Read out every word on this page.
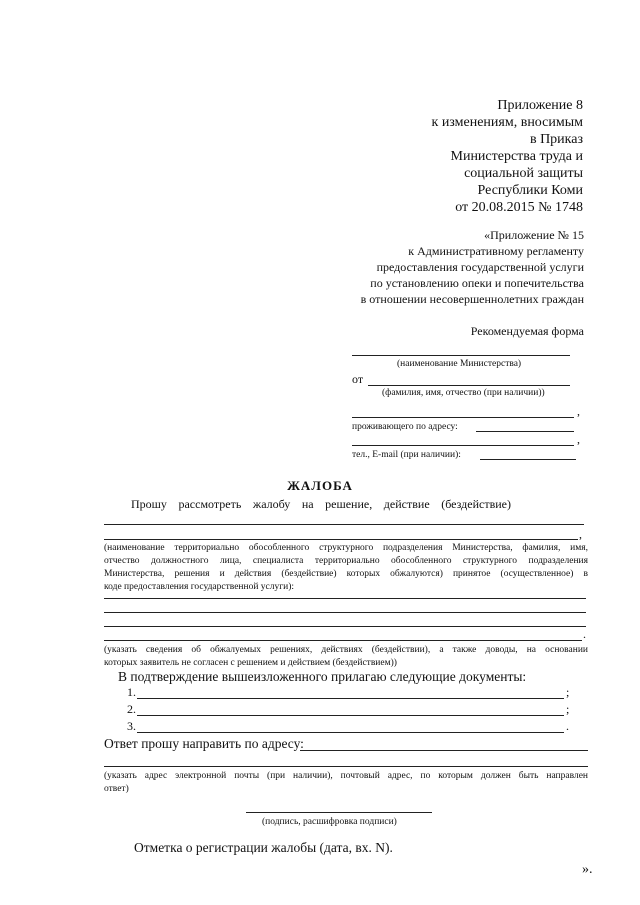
Приложение 8
к изменениям, вносимым
в Приказ
Министерства труда и
социальной защиты
Республики Коми
от 20.08.2015 № 1748
«Приложение № 15
к Административному регламенту
предоставления государственной услуги
по установлению опеки и попечительства
в отношении несовершеннолетних граждан
Рекомендуемая форма
(наименование Министерства)
от
(фамилия, имя, отчество (при наличии))
,
проживающего по адресу:
,
тел., E-mail (при наличии):
ЖАЛОБА
Прошу рассмотреть жалобу на решение, действие (бездействие)
,
(наименование территориально обособленного структурного подразделения Министерства, фамилия, имя,
отчество должностного лица, специалиста территориально обособленного структурного подразделения
Министерства, решения и действия (бездействие) которых обжалуются) принятое (осуществленное) в
коде предоставления государственной услуги):
.
(указать сведения об обжалуемых решениях, действиях (бездействии), а также доводы, на основании
которых заявитель не согласен с решением и действием (бездействием))
В подтверждение вышеизложенного прилагаю следующие документы:
1.	;
2.	;
3.	.
Ответ прошу направить по адресу:
(указать адрес электронной почты (при наличии), почтовый адрес, по которым должен быть направлен
ответ)
(подпись, расшифровка подписи)
Отметка о регистрации жалобы (дата, вх. N).
».
